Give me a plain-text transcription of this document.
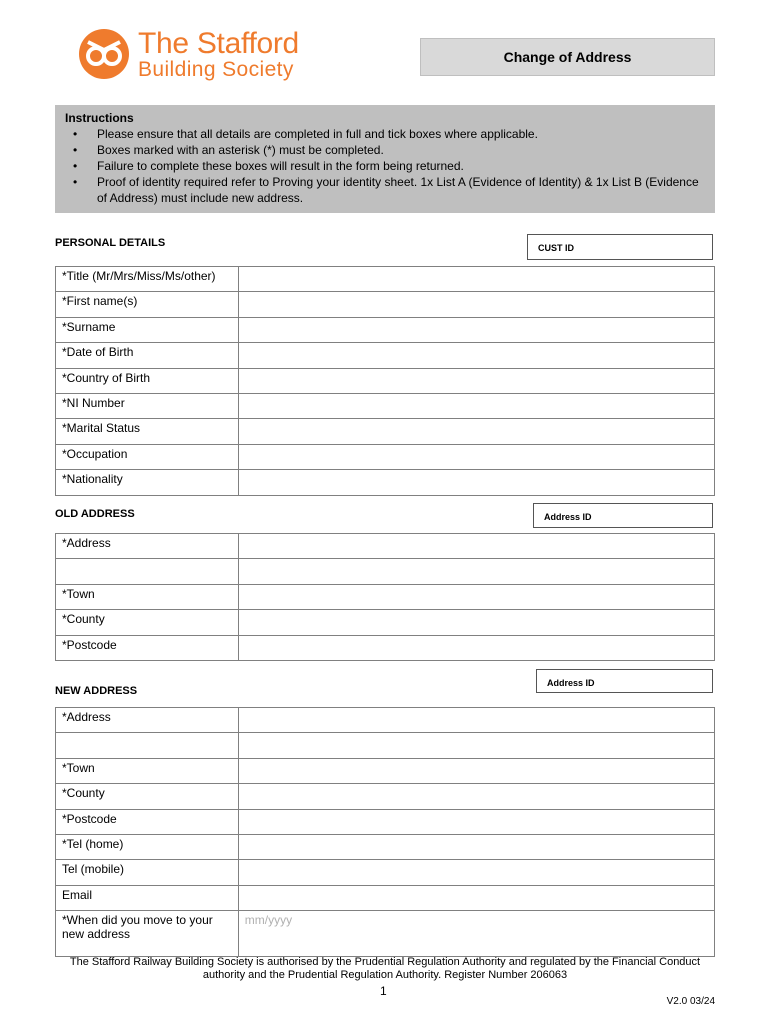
The Stafford
Building Society
Change of Address
Instructions
• Please ensure that all details are completed in full and tick boxes where applicable.
• Boxes marked with an asterisk (*) must be completed.
• Failure to complete these boxes will result in the form being returned.
• Proof of identity required refer to Proving your identity sheet. 1x List A (Evidence of Identity) & 1x List B (Evidence of Address) must include new address.
PERSONAL DETAILS	CUST ID
*Title (Mr/Mrs/Miss/Ms/other)	
*First name(s)	
*Surname	
*Date of Birth	
*Country of Birth	
*NI Number	
*Marital Status	
*Occupation	
*Nationality	
OLD ADDRESS	Address ID
*Address	

*Town	
*County	
*Postcode	
Address ID
NEW ADDRESS
*Address	

*Town	
*County	
*Postcode	
*Tel (home)	
Tel (mobile)	
Email	
*When did you move to your new address	mm/yyyy
The Stafford Railway Building Society is authorised by the Prudential Regulation Authority and regulated by the Financial Conduct authority and the Prudential Regulation Authority. Register Number 206063
1
V2.0 03/24
